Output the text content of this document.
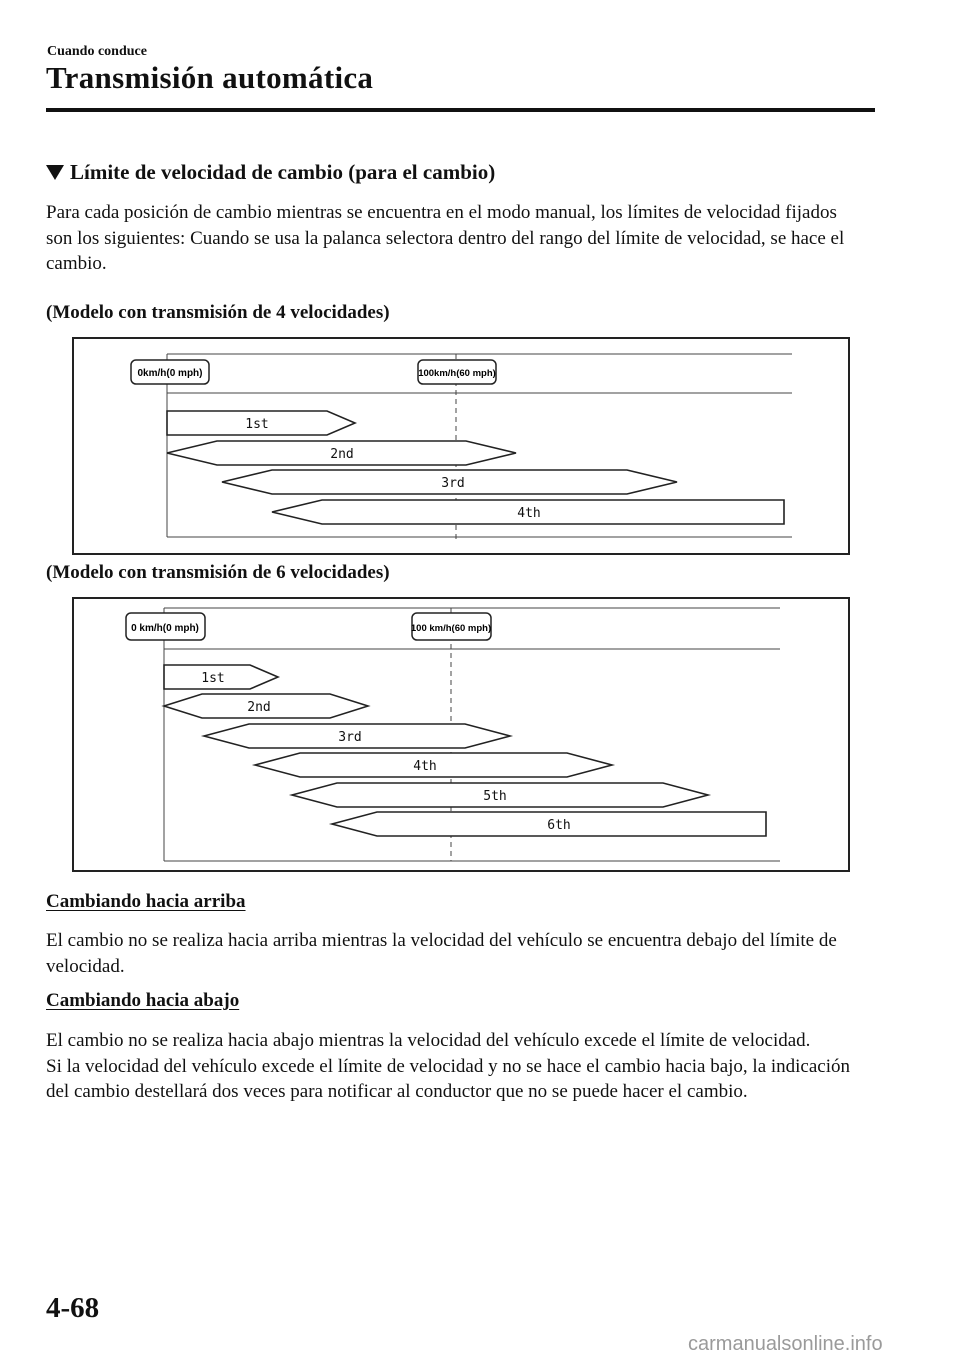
Cuando conduce
Transmisión automática
Límite de velocidad de cambio (para el cambio)
Para cada posición de cambio mientras se encuentra en el modo manual, los límites de velocidad fijados son los siguientes: Cuando se usa la palanca selectora dentro del rango del límite de velocidad, se hace el cambio.
(Modelo con transmisión de 4 velocidades)
0km/h(0 mph)	100km/h(60 mph)
1st
2nd
3rd
4th
(Modelo con transmisión de 6 velocidades)
0 km/h(0 mph)	100 km/h(60 mph)
1st
2nd
3rd
4th
5th
6th
Cambiando hacia arriba
El cambio no se realiza hacia arriba mientras la velocidad del vehículo se encuentra debajo del límite de velocidad.
Cambiando hacia abajo
El cambio no se realiza hacia abajo mientras la velocidad del vehículo excede el límite de velocidad.
Si la velocidad del vehículo excede el límite de velocidad y no se hace el cambio hacia bajo, la indicación del cambio destellará dos veces para notificar al conductor que no se puede hacer el cambio.
4-68
carmanualsonline.info
